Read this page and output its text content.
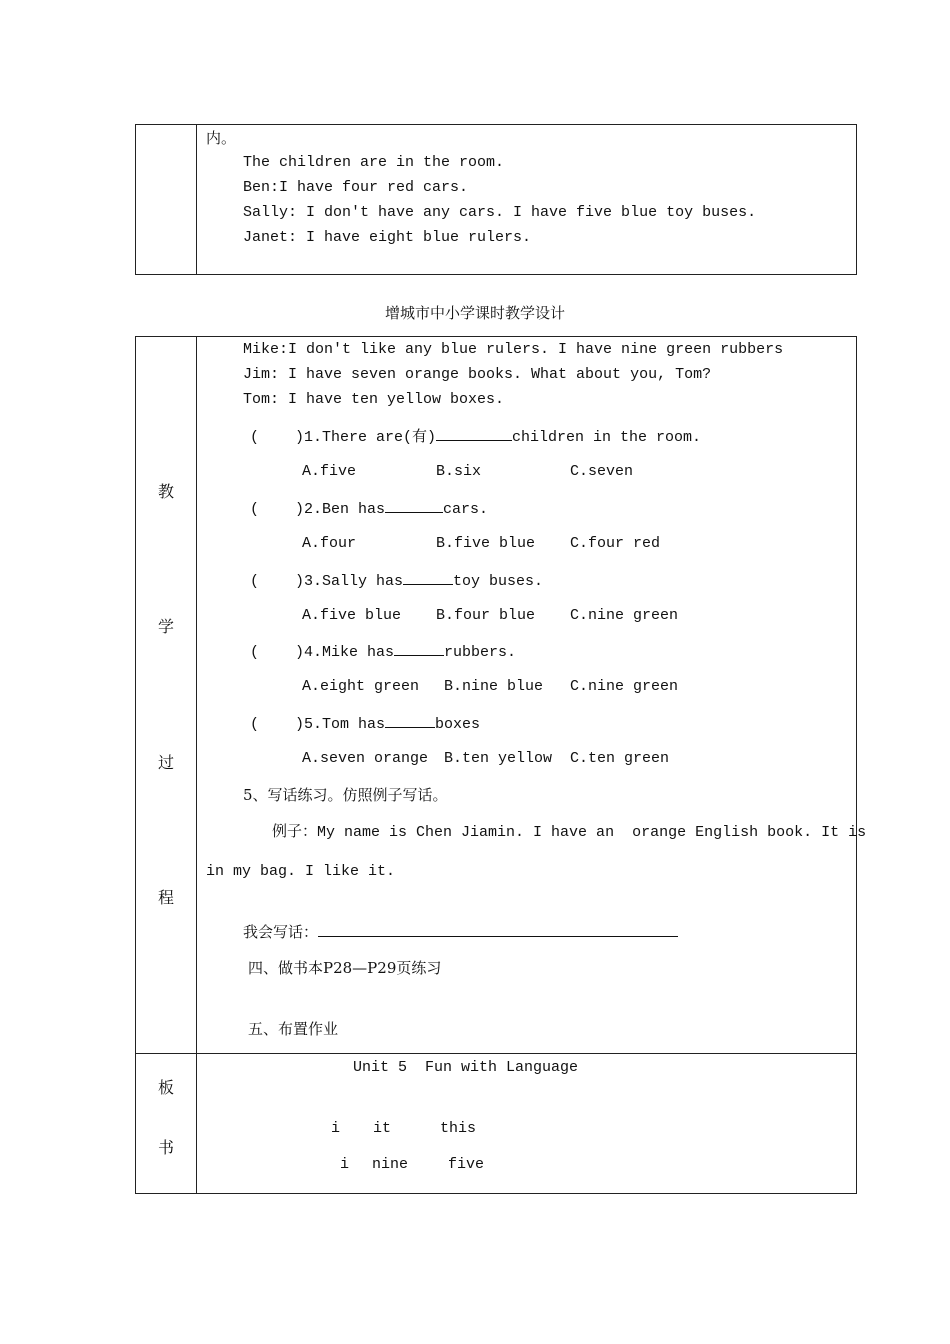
内。
The children are in the room.
Ben:I have four red cars.
Sally: I don't have any cars. I have five blue toy buses.
Janet: I have eight blue rulers.
增城市中小学课时教学设计
教
学
过
程
Mike:I don't like any blue rulers. I have nine green rubbers
Jim: I have seven orange books. What about you, Tom?
Tom: I have ten yellow boxes.
(    )1.There are(有)	children in the room.
A.five	B.six	C.seven
(    )2.Ben has	cars.
A.four	B.five blue C.four red
(    )3.Sally has	toy buses.
A.five blue B.four blue C.nine green
(    )4.Mike has	rubbers.
A.eight green B.nine blue C.nine green
(    )5.Tom has	boxes
A.seven orange B.ten yellow C.ten green
5、写话练习。仿照例子写话。
例子：My name is Chen Jiamin. I have an  orange English book. It is
in my bag. I like it.
我会写话：
四、做书本P28—P29页练习
五、布置作业
板
书
Unit 5  Fun with Language
i it	this
i nine	five
